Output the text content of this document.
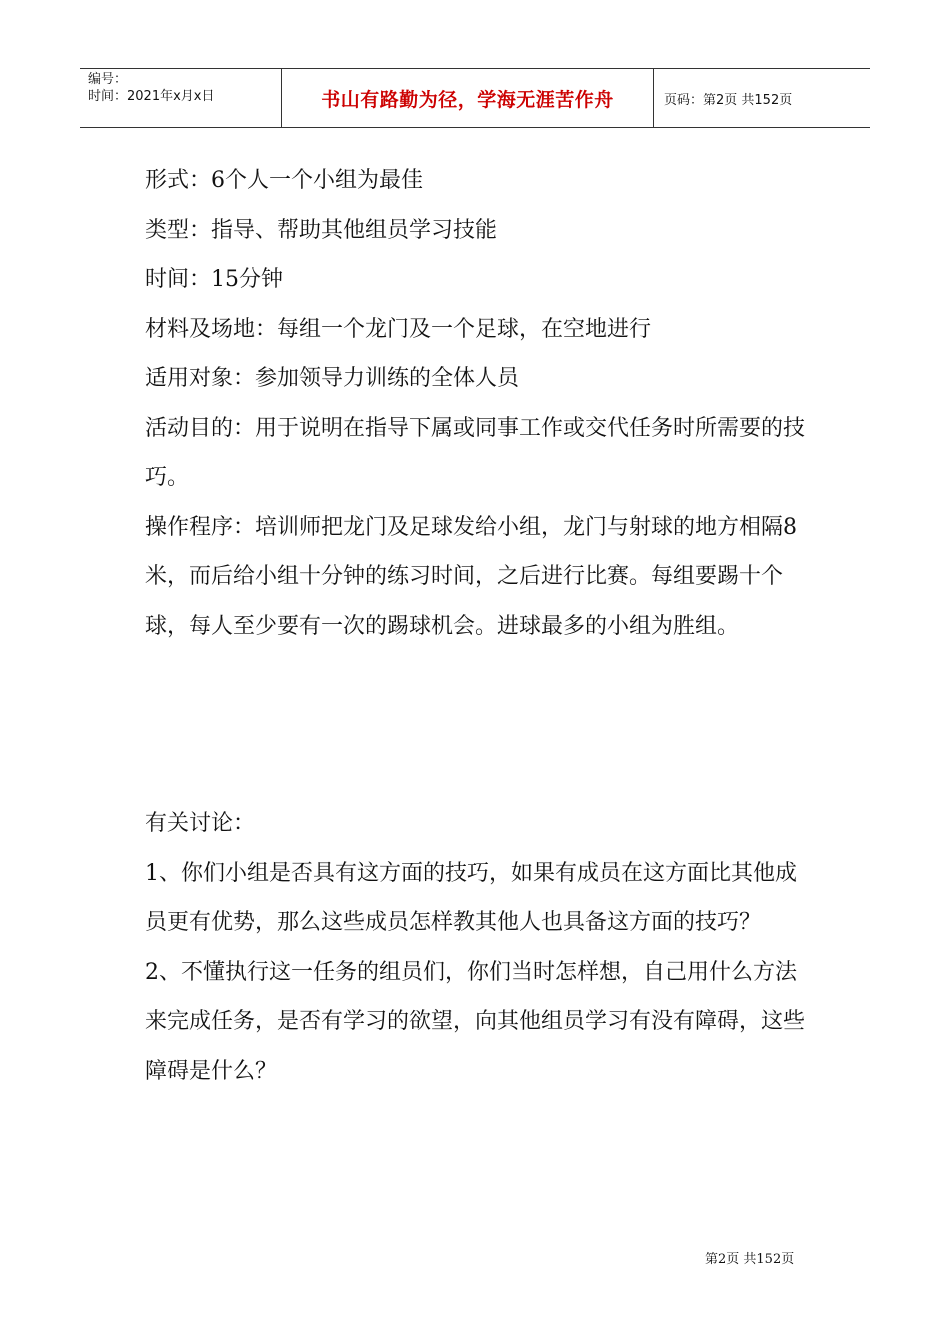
编号：
时间：2021年x月x日	书山有路勤为径，学海无涯苦作舟	页码：第2页 共152页

形式：6个人一个小组为最佳

类型：指导、帮助其他组员学习技能

时间：15分钟

材料及场地：每组一个龙门及一个足球，在空地进行

适用对象：参加领导力训练的全体人员

活动目的：用于说明在指导下属或同事工作或交代任务时所需要的技巧。

操作程序：培训师把龙门及足球发给小组，龙门与射球的地方相隔8米，而后给小组十分钟的练习时间，之后进行比赛。每组要踢十个球，每人至少要有一次的踢球机会。进球最多的小组为胜组。

有关讨论：

1、你们小组是否具有这方面的技巧，如果有成员在这方面比其他成员更有优势，那么这些成员怎样教其他人也具备这方面的技巧？

2、不懂执行这一任务的组员们，你们当时怎样想，自己用什么方法来完成任务，是否有学习的欲望，向其他组员学习有没有障碍，这些障碍是什么？

第2页 共152页
